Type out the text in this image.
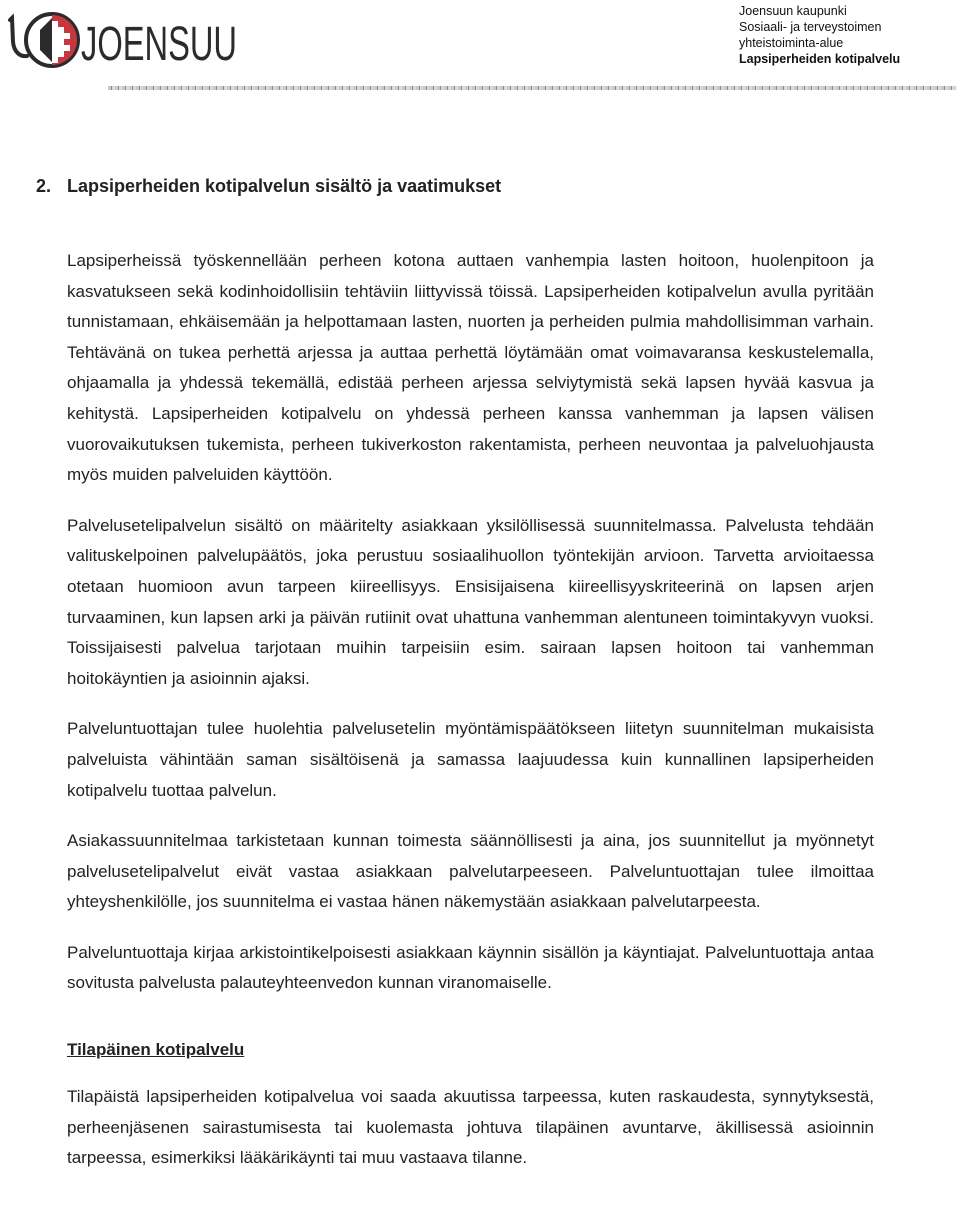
JOENSUU
Joensuun kaupunki
Sosiaali- ja terveystoimen yhteistoiminta-alue
Lapsiperheiden kotipalvelu
2. Lapsiperheiden kotipalvelun sisältö ja vaatimukset

Lapsiperheissä työskennellään perheen kotona auttaen vanhempia lasten hoitoon, huolenpitoon ja kasvatukseen sekä kodinhoidollisiin tehtäviin liittyvissä töissä. Lapsiperheiden kotipalvelun avulla pyritään tunnistamaan, ehkäisemään ja helpottamaan lasten, nuorten ja perheiden pulmia mahdollisimman varhain. Tehtävänä on tukea perhettä arjessa ja auttaa perhettä löytämään omat voimavaransa keskustelemalla, ohjaamalla ja yhdessä tekemällä, edistää perheen arjessa selviytymistä sekä lapsen hyvää kasvua ja kehitystä. Lapsiperheiden kotipalvelu on yhdessä perheen kanssa vanhemman ja lapsen välisen vuorovaikutuksen tukemista, perheen tukiverkoston rakentamista, perheen neuvontaa ja palveluohjausta myös muiden palveluiden käyttöön.

Palvelusetelipalvelun sisältö on määritelty asiakkaan yksilöllisessä suunnitelmassa. Palvelusta tehdään valituskelpoinen palvelupäätös, joka perustuu sosiaalihuollon työntekijän arvioon. Tarvetta arvioitaessa otetaan huomioon avun tarpeen kiireellisyys. Ensisijaisena kiireellisyyskriteerinä on lapsen arjen turvaaminen, kun lapsen arki ja päivän rutiinit ovat uhattuna vanhemman alentuneen toimintakyvyn vuoksi. Toissijaisesti palvelua tarjotaan muihin tarpeisiin esim. sairaan lapsen hoitoon tai vanhemman hoitokäyntien ja asioinnin ajaksi.

Palveluntuottajan tulee huolehtia palvelusetelin myöntämispäätökseen liitetyn suunnitelman mukaisista palveluista vähintään saman sisältöisenä ja samassa laajuudessa kuin kunnallinen lapsiperheiden kotipalvelu tuottaa palvelun.

Asiakassuunnitelmaa tarkistetaan kunnan toimesta säännöllisesti ja aina, jos suunnitellut ja myönnetyt palvelusetelipalvelut eivät vastaa asiakkaan palvelutarpeeseen. Palveluntuottajan tulee ilmoittaa yhteyshenkilölle, jos suunnitelma ei vastaa hänen näkemystään asiakkaan palvelutarpeesta.

Palveluntuottaja kirjaa arkistointikelpoisesti asiakkaan käynnin sisällön ja käyntiajat. Palveluntuottaja antaa sovitusta palvelusta palauteyhteenvedon kunnan viranomaiselle.

Tilapäinen kotipalvelu

Tilapäistä lapsiperheiden kotipalvelua voi saada akuutissa tarpeessa, kuten raskaudesta, synnytyksestä, perheenjäsenen sairastumisesta tai kuolemasta johtuva tilapäinen avuntarve, äkillisessä asioinnin tarpeessa, esimerkiksi lääkärikäynti tai muu vastaava tilanne.
